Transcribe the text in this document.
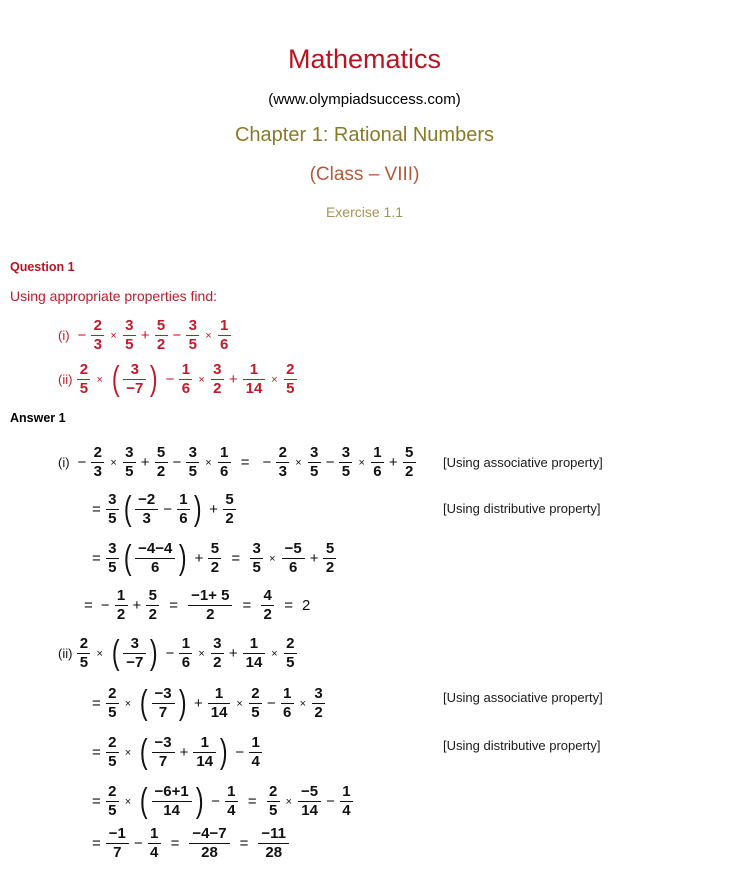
Mathematics
(www.olympiadsuccess.com)
Chapter 1: Rational Numbers
(Class – VIII)
Exercise 1.1
Question 1
Using appropriate properties find:
$(i) - \frac{2}{3} \times \frac{3}{5} + \frac{5}{2} - \frac{3}{5} \times \frac{1}{6}$
$(ii) \frac{2}{5}$ × ( $\frac{3}{-7}$ ) − $\frac{1}{6} \times \frac{3}{2} + \frac{1}{14} \times \frac{2}{5}$
Answer 1
$(i) - \frac{2}{3} \times \frac{3}{5} + \frac{5}{2} - \frac{3}{5} \times \frac{1}{6}$ = − $\frac{2}{3} \times \frac{3}{5} - \frac{3}{5} \times \frac{1}{6} + \frac{5}{2} [Using$ associative property]
= $\frac{3}{5}$ ( $\frac{-2}{3} - \frac{1}{6}$ ) + $\frac{5}{2}$	[Using distributive property]
= $\frac{3}{5}$ ( $\frac{-4-4}{6}$ ) + $\frac{5}{2} = \frac{3}{5} \times \frac{-5}{6} + \frac{5}{2}$
= − $\frac{1}{2} + \frac{5}{2} = \frac{-1+ 5}{2} = \frac{4}{2} = 2$
$(ii) \frac{2}{5}$ × ( $\frac{3}{-7}$ ) − $\frac{1}{6} \times \frac{3}{2} + \frac{1}{14} \times \frac{2}{5}$
= $\frac{2}{5}$ × ( $\frac{-3}{7}$ ) + $\frac{1}{14} \times \frac{2}{5} - \frac{1}{6} \times \frac{3}{2}$	[Using associative property]
= $\frac{2}{5}$ × ( $\frac{-3}{7} + \frac{1}{14}$ ) − $\frac{1}{4}$	[Using distributive property]
= $\frac{2}{5}$ × ( $\frac{-6+1}{14}$ ) − $\frac{1}{4} = \frac{2}{5} \times \frac{-5}{14} - \frac{1}{4}$
= $\frac{-1}{7} - \frac{1}{4} = \frac{-4-7}{28} = \frac{-11}{28}$
